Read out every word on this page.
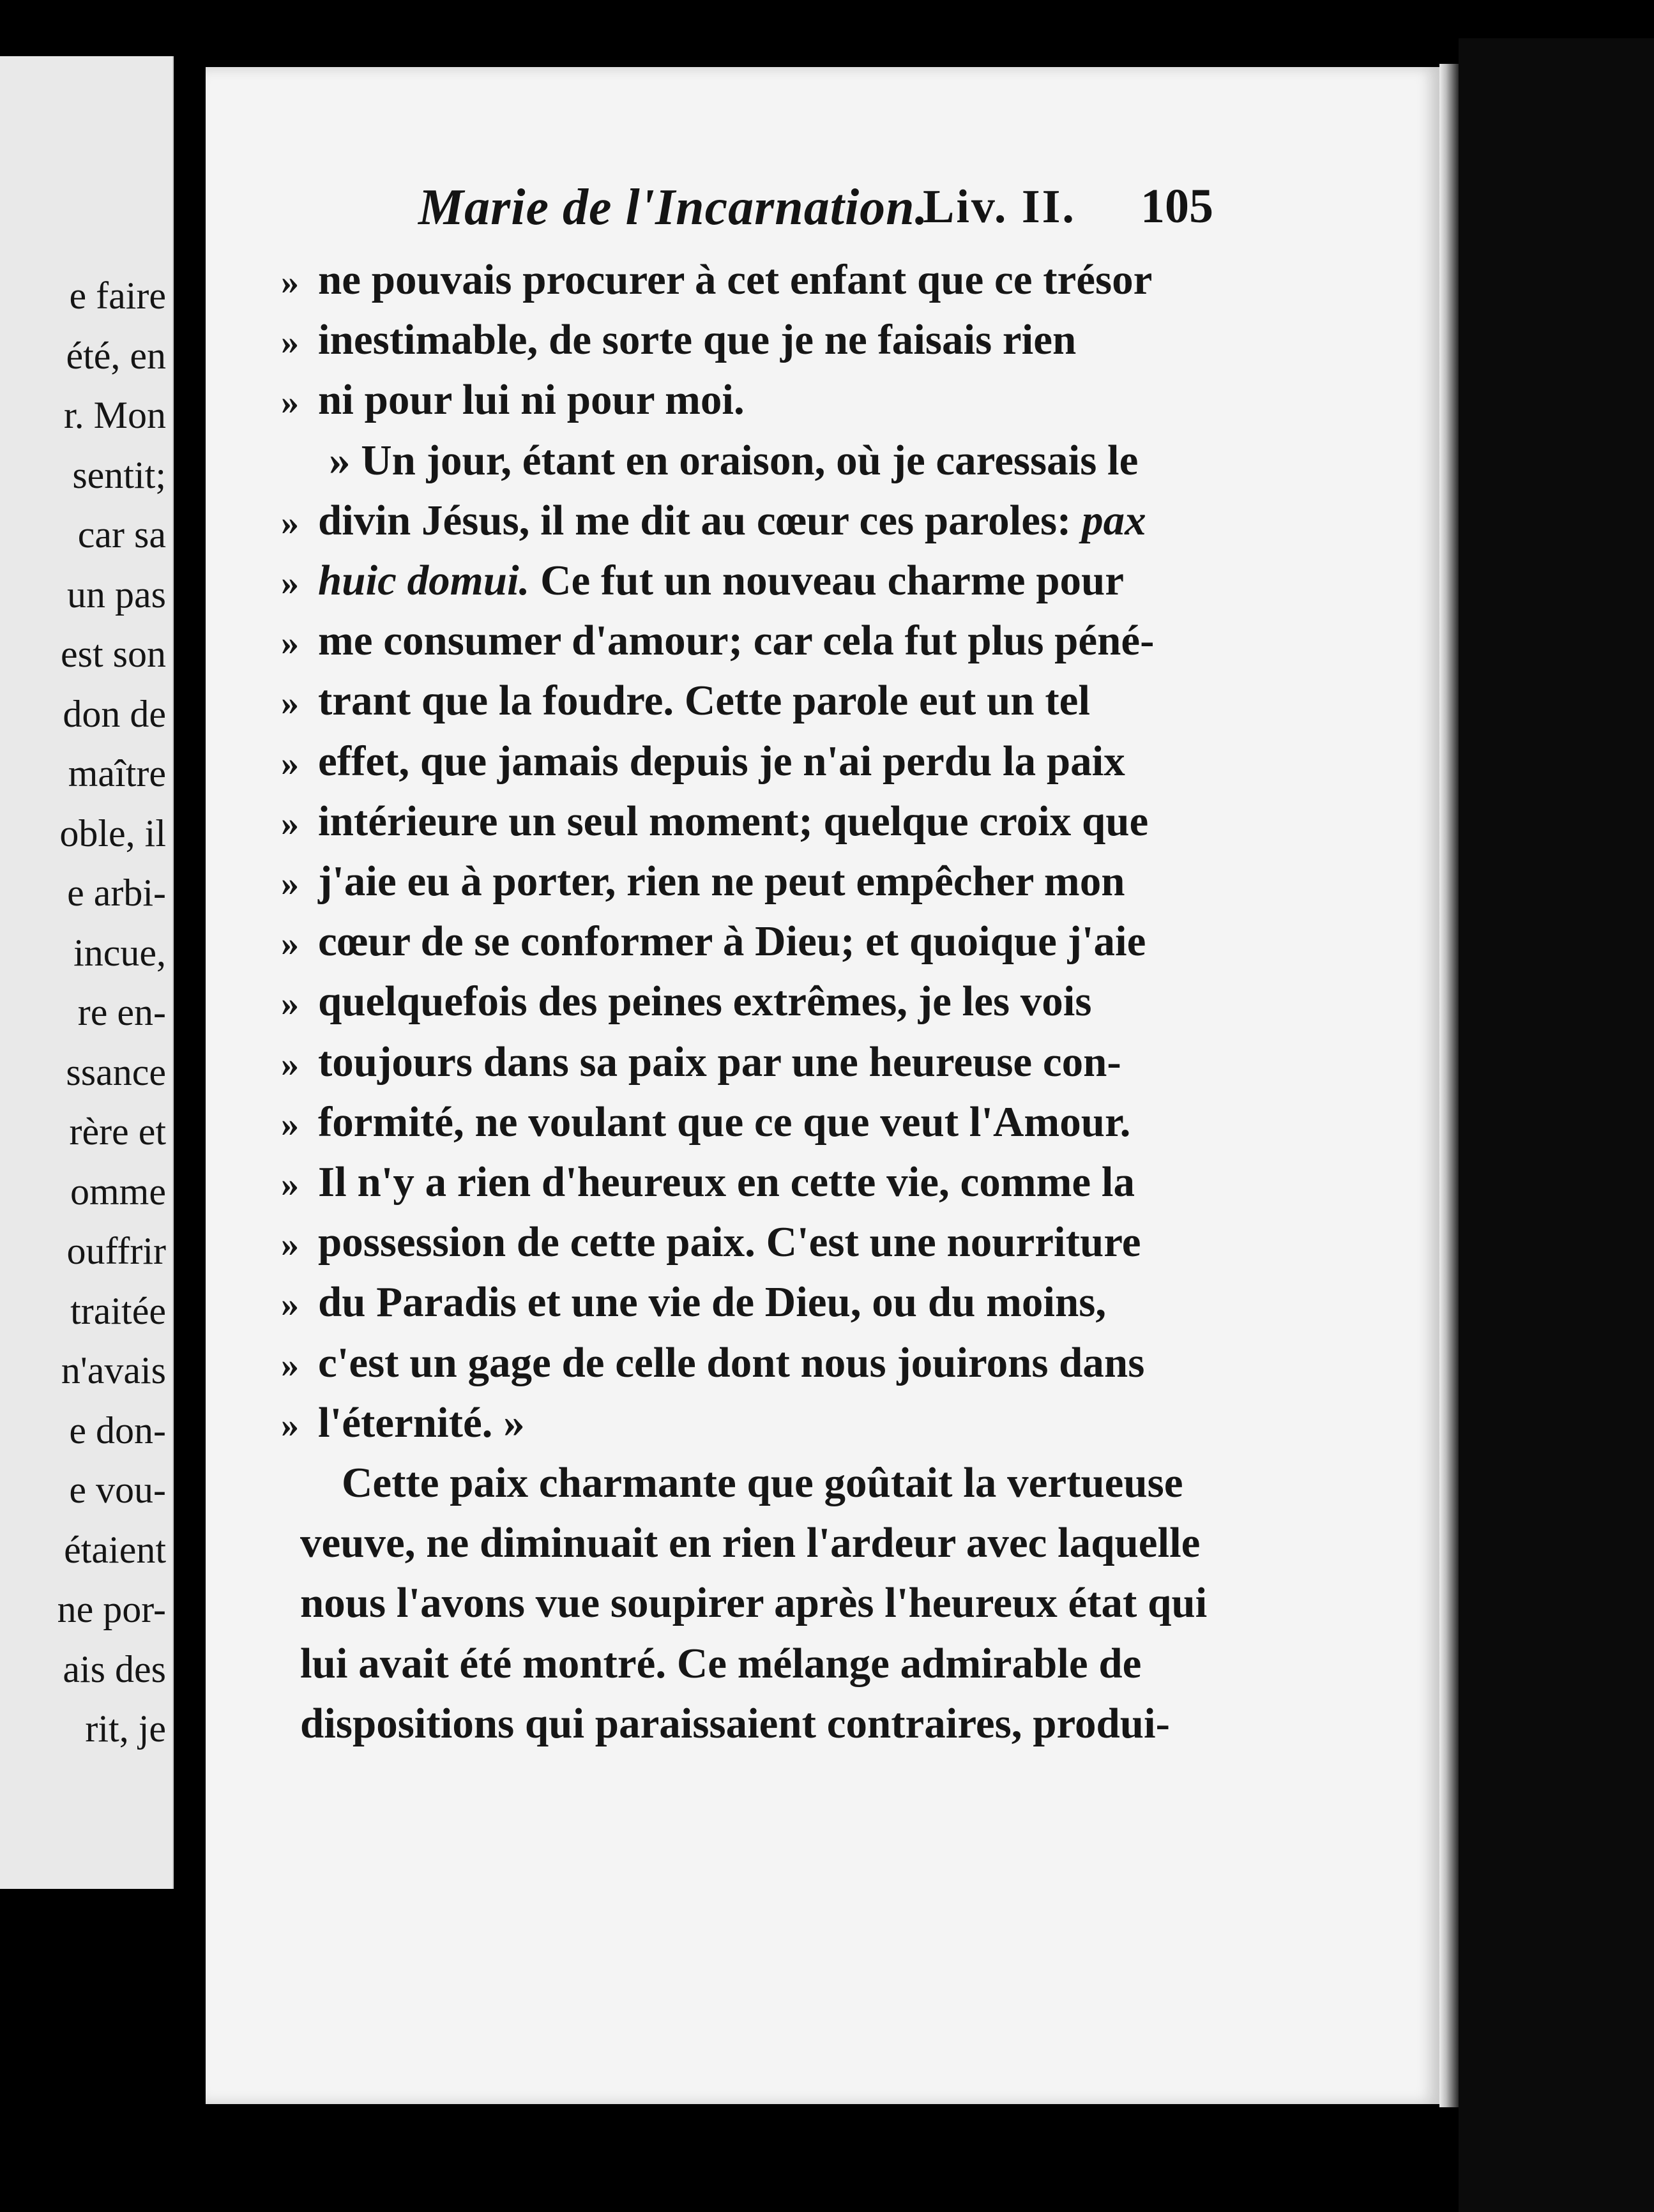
e faire
été, en
r. Mon
sentit;
car sa
un pas
est son
don de
maître
oble, il
e arbi-
incue,
re en-
ssance
rère et
omme
ouffrir
traitée
n'avais
e don-
e vou-
étaient
ne por-
ais des
rit, je
Marie de l'Incarnation.
Liv. II. 105
» ne pouvais procurer à cet enfant que ce trésor
» inestimable, de sorte que je ne faisais rien
» ni pour lui ni pour moi.
» Un jour, étant en oraison, où je caressais le
» divin Jésus, il me dit au cœur ces paroles: pax
» huic domui. Ce fut un nouveau charme pour
» me consumer d'amour; car cela fut plus péné-
» trant que la foudre. Cette parole eut un tel
» effet, que jamais depuis je n'ai perdu la paix
» intérieure un seul moment; quelque croix que
» j'aie eu à porter, rien ne peut empêcher mon
» cœur de se conformer à Dieu; et quoique j'aie
» quelquefois des peines extrêmes, je les vois
» toujours dans sa paix par une heureuse con-
» formité, ne voulant que ce que veut l'Amour.
» Il n'y a rien d'heureux en cette vie, comme la
» possession de cette paix. C'est une nourriture
» du Paradis et une vie de Dieu, ou du moins,
» c'est un gage de celle dont nous jouirons dans
» l'éternité. »
Cette paix charmante que goûtait la vertueuse
veuve, ne diminuait en rien l'ardeur avec laquelle
nous l'avons vue soupirer après l'heureux état qui
lui avait été montré. Ce mélange admirable de
dispositions qui paraissaient contraires, produi-
